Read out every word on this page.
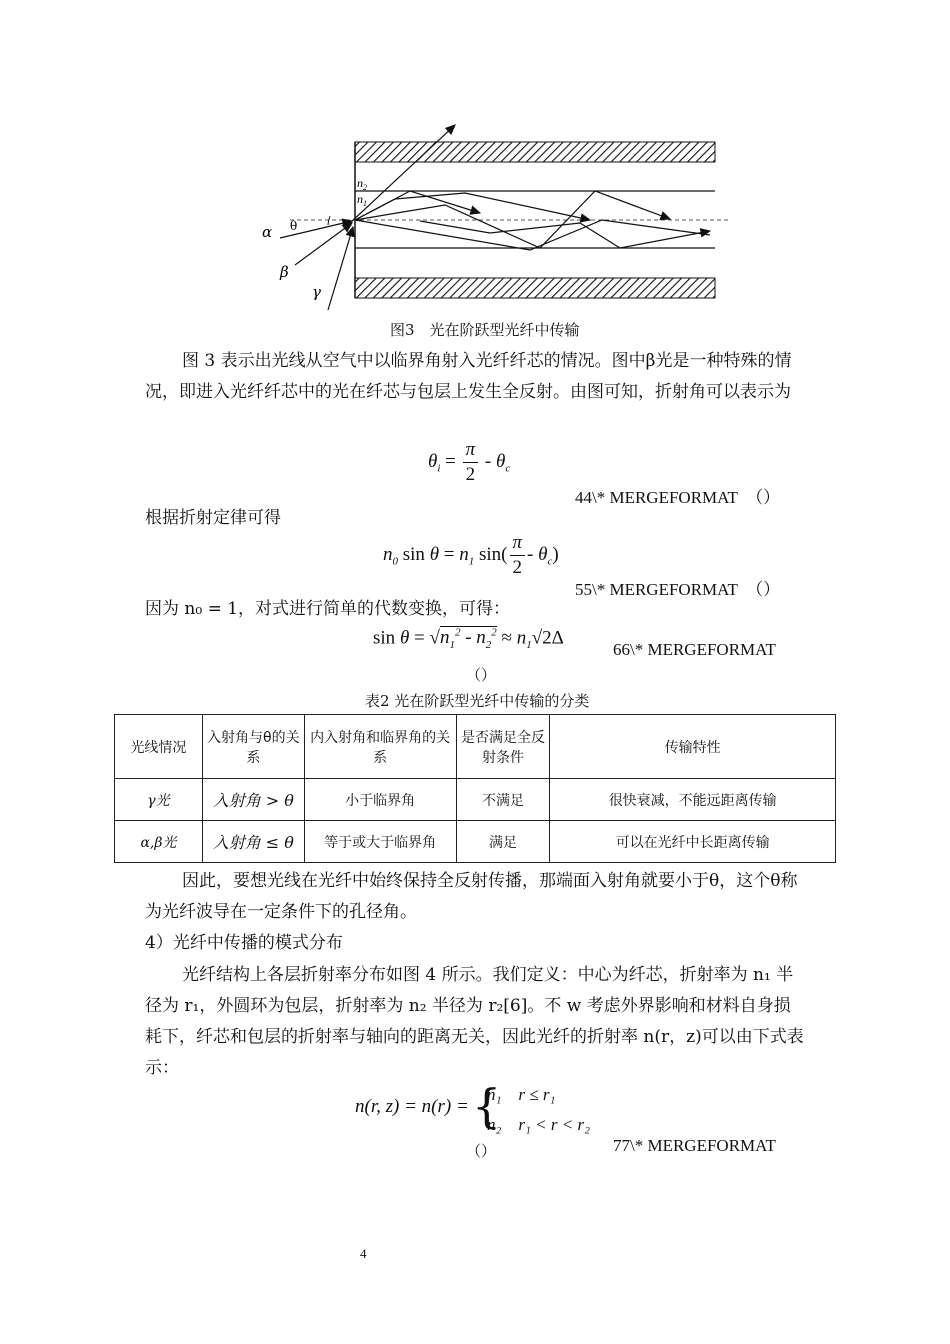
$n_2$
$n_1$
α θ
β
γ
图3　光在阶跃型光纤中传输
图 3 表示出光线从空气中以临界角射入光纤纤芯的情况。图中β光是一种特殊的情况，即进入光纤纤芯中的光在纤芯与包层上发生全反射。由图可知，折射角可以表示为
$\theta_i = \frac{\pi}{2} - \theta_c$
44\* MERGEFORMAT　（）
根据折射定律可得
$n_0$ $\sin \theta = n_1$ $\sin( \frac{\pi}{2} - \theta_c)$
55\* MERGEFORMAT　（）
因为 n₀ = 1，对式进行简单的代数变换，可得：
$\sin \theta = √n_1^2 - n_2^2 \approx n_1√2\Delta$
66\* MERGEFORMAT
（）
表2 光在阶跃型光纤中传输的分类
光线情况	入射角与θ的关系	内入射角和临界角的关系	是否满足全反射条件	传输特性
γ光	入射角 > θ	小于临界角	不满足	很快衰减，不能远距离传输
α,β光	入射角 ≤ θ	等于或大于临界角	满足	可以在光纤中长距离传输
因此，要想光线在光纤中始终保持全反射传播，那端面入射角就要小于θ，这个θ称为光纤波导在一定条件下的孔径角。
4）光纤中传播的模式分布
光纤结构上各层折射率分布如图 4 所示。我们定义：中心为纤芯，折射率为 n₁ 半径为 r₁，外圆环为包层，折射率为 n₂ 半径为 r₂[6]。不 w 考虑外界影响和材料自身损耗下，纤芯和包层的折射率与轴向的距离无关，因此光纤的折射率 n(r，z)可以由下式表示：
n(r, z) = n(r) = {
n₁　r ≤ r₁
n₂　r₁ < r < r₂
（）	77\* MERGEFORMAT
4
